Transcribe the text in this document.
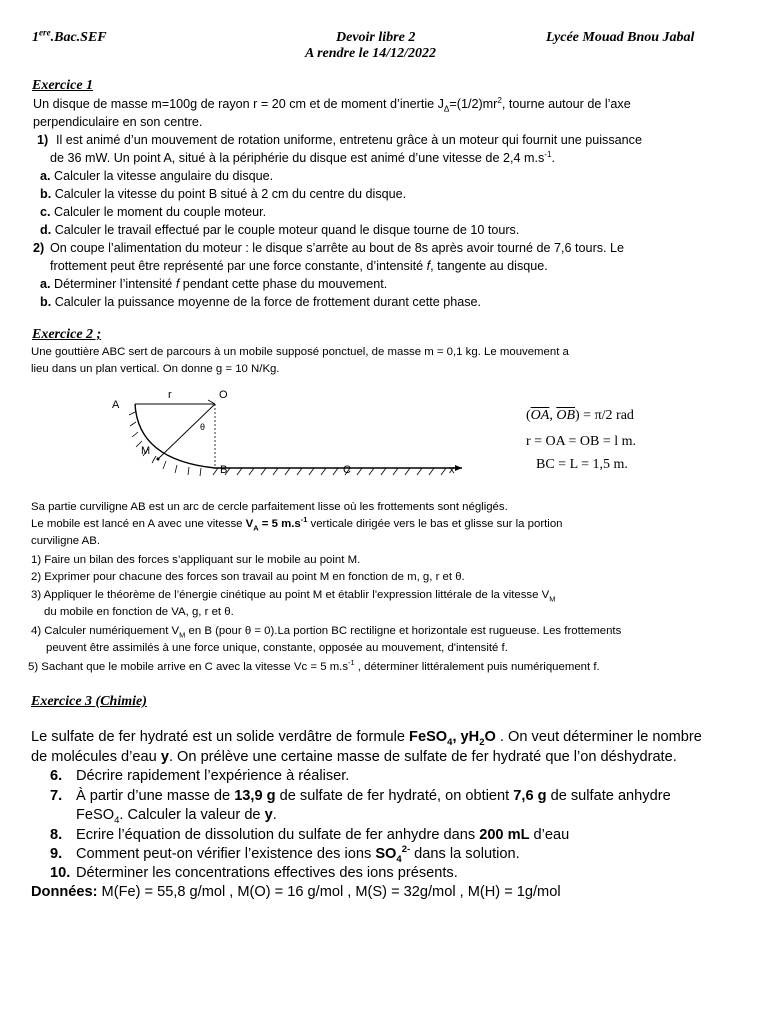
1ere.Bac.SEF	Devoir libre 2
A rendre le 14/12/2022
Lycée Mouad Bnou Jabal
Exercice 1
Un disque de masse m=100g de rayon r = 20 cm et de moment d’inertie $J_\Delta=(1/2)mr^2$, tourne autour de l’axe
perpendiculaire en son centre.
1) Il est animé d’un mouvement de rotation uniforme, entretenu grâce à un moteur qui fournit une puissance
de 36 mW. Un point A, situé à la périphérie du disque est animé d’une vitesse de 2,4 $m.s^{-1}$.
a. Calculer la vitesse angulaire du disque.
b. Calculer la vitesse du point B situé à 2 cm du centre du disque.
c. Calculer le moment du couple moteur.
d. Calculer le travail effectué par le couple moteur quand le disque tourne de 10 tours.
2) On coupe l’alimentation du moteur : le disque s’arrête au bout de 8s après avoir tourné de 7,6 tours. Le
frottement peut être représenté par une force constante, d’intensité f, tangente au disque.
a. Déterminer l’intensité f pendant cette phase du mouvement.
b. Calculer la puissance moyenne de la force de frottement durant cette phase.
Exercice 2 ;
Une gouttière ABC sert de parcours à un mobile supposé ponctuel, de masse m = 0,1 kg. Le mouvement a
lieu dans un plan vertical. On donne g = 10 N/Kg.
A
r	O
θ
M
B	C	x
($\overline{OA}$, $\overline{OB}) = \pi/2$ rad
r = OA = OB = l m.
BC = L = 1,5 m.
Sa partie curviligne AB est un arc de cercle parfaitement lisse où les frottements sont négligés.
Le mobile est lancé en A avec une vitesse $V_A = 5$ $m.s^{-1}$ verticale dirigée vers le bas et glisse sur la portion
curviligne AB.
1) Faire un bilan des forces s’appliquant sur le mobile au point M.
2) Exprimer pour chacune des forces son travail au point M en fonction de m, g, r et θ.
3) Appliquer le théorème de l’énergie cinétique au point M et établir l'expression littérale de la vitesse $V_M$
du mobile en fonction de VA, g, r et θ.
4) Calculer numériquement $V_M$ en B (pour θ = 0).La portion BC rectiligne et horizontale est rugueuse. Les frottements
peuvent être assimilés à une force unique, constante, opposée au mouvement, d'intensité f.
5) Sachant que le mobile arrive en C avec la vitesse Vc = 5 $m.s^{-1}$ , déterminer littéralement puis numériquement f.
Exercice 3 (Chimie)
Le sulfate de fer hydraté est un solide verdâtre de formule FeSO$_4$, $yH_2O$ . On veut déterminer le nombre
de molécules d’eau y. On prélève une certaine masse de sulfate de fer hydraté que l’on déshydrate.
6. Décrire rapidement l’expérience à réaliser.
7. À partir d’une masse de 13,9 g de sulfate de fer hydraté, on obtient 7,6 g de sulfate anhydre
FeSO$_4$. Calculer la valeur de y.
8. Ecrire l’équation de dissolution du sulfate de fer anhydre dans 200 mL d’eau
9. Comment peut-on vérifier l’existence des ions $SO_4^{2-}$ dans la solution.
10. Déterminer les concentrations effectives des ions présents.
Données: M(Fe) = 55,8 g/mol , M(O) = 16 g/mol , M(S) = 32g/mol , M(H) = 1g/mol
